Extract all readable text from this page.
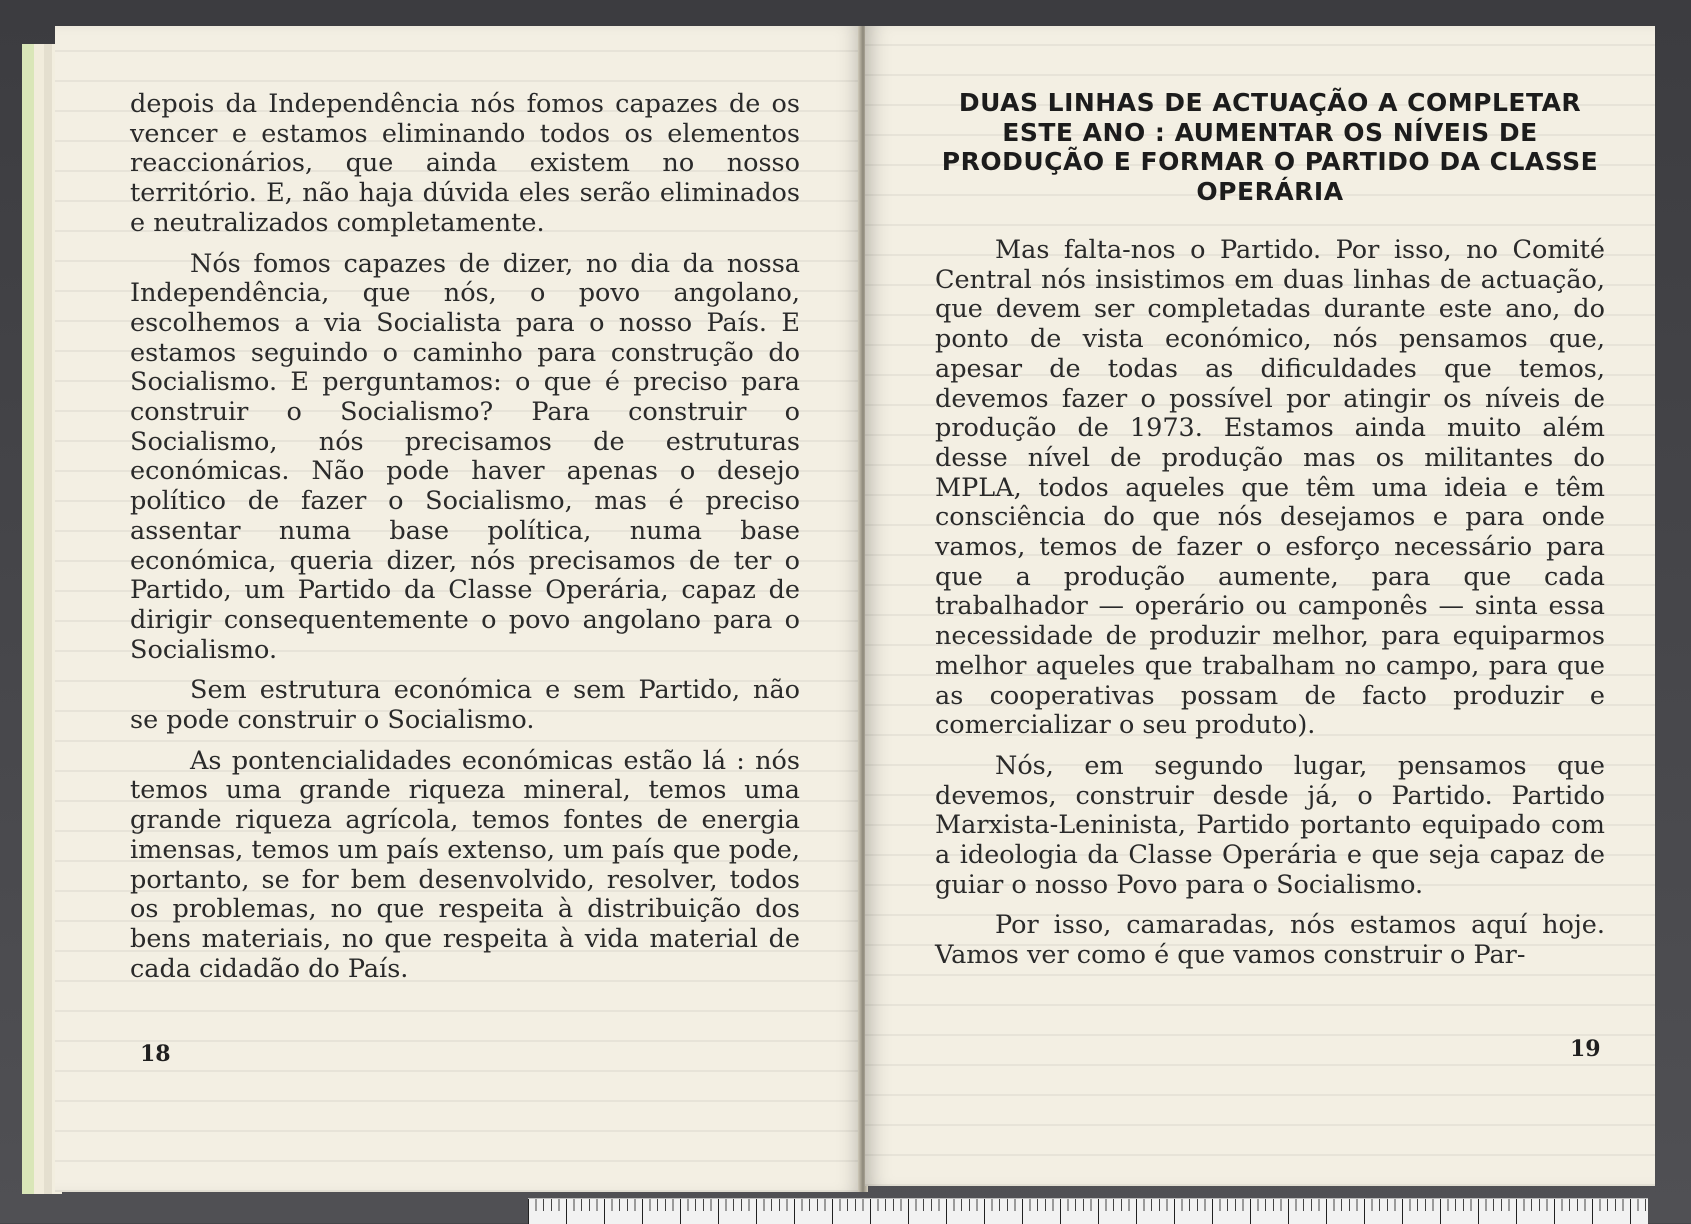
depois da Independência nós fomos capazes de os vencer e estamos eliminando todos os elementos reaccionários, que ainda existem no nosso território. E, não haja dúvida eles serão eliminados e neutralizados completamente.

Nós fomos capazes de dizer, no dia da nossa Independência, que nós, o povo angolano, escolhemos a via Socialista para o nosso País. E estamos seguindo o caminho para construção do Socialismo. E perguntamos: o que é preciso para construir o Socialismo? Para construir o Socialismo, nós precisamos de estruturas económicas. Não pode haver apenas o desejo político de fazer o Socialismo, mas é preciso assentar numa base política, numa base económica, queria dizer, nós precisamos de ter o Partido, um Partido da Classe Operária, capaz de dirigir consequentemente o povo angolano para o Socialismo.

Sem estrutura económica e sem Partido, não se pode construir o Socialismo.

As pontencialidades económicas estão lá : nós temos uma grande riqueza mineral, temos uma grande riqueza agrícola, temos fontes de energia imensas, temos um país extenso, um país que pode, portanto, se for bem desenvolvido, resolver, todos os problemas, no que respeita à distribuição dos bens materiais, no que respeita à vida material de cada cidadão do País.

18
DUAS LINHAS DE ACTUAÇÃO A COMPLETAR ESTE ANO : AUMENTAR OS NÍVEIS DE PRODUÇÃO E FORMAR O PARTIDO DA CLASSE OPERÁRIA

Mas falta-nos o Partido. Por isso, no Comité Central nós insistimos em duas linhas de actuação, que devem ser completadas durante este ano, do ponto de vista económico, nós pensamos que, apesar de todas as dificuldades que temos, devemos fazer o possível por atingir os níveis de produção de 1973. Estamos ainda muito além desse nível de produção mas os militantes do MPLA, todos aqueles que têm uma ideia e têm consciência do que nós desejamos e para onde vamos, temos de fazer o esforço necessário para que a produção aumente, para que cada trabalhador — operário ou camponês — sinta essa necessidade de produzir melhor, para equiparmos melhor aqueles que trabalham no campo, para que as cooperativas possam de facto produzir e comercializar o seu produto).

Nós, em segundo lugar, pensamos que devemos, construir desde já, o Partido. Partido Marxista-Leninista, Partido portanto equipado com a ideologia da Classe Operária e que seja capaz de guiar o nosso Povo para o Socialismo.

Por isso, camaradas, nós estamos aquí hoje. Vamos ver como é que vamos construir o Par-

19
